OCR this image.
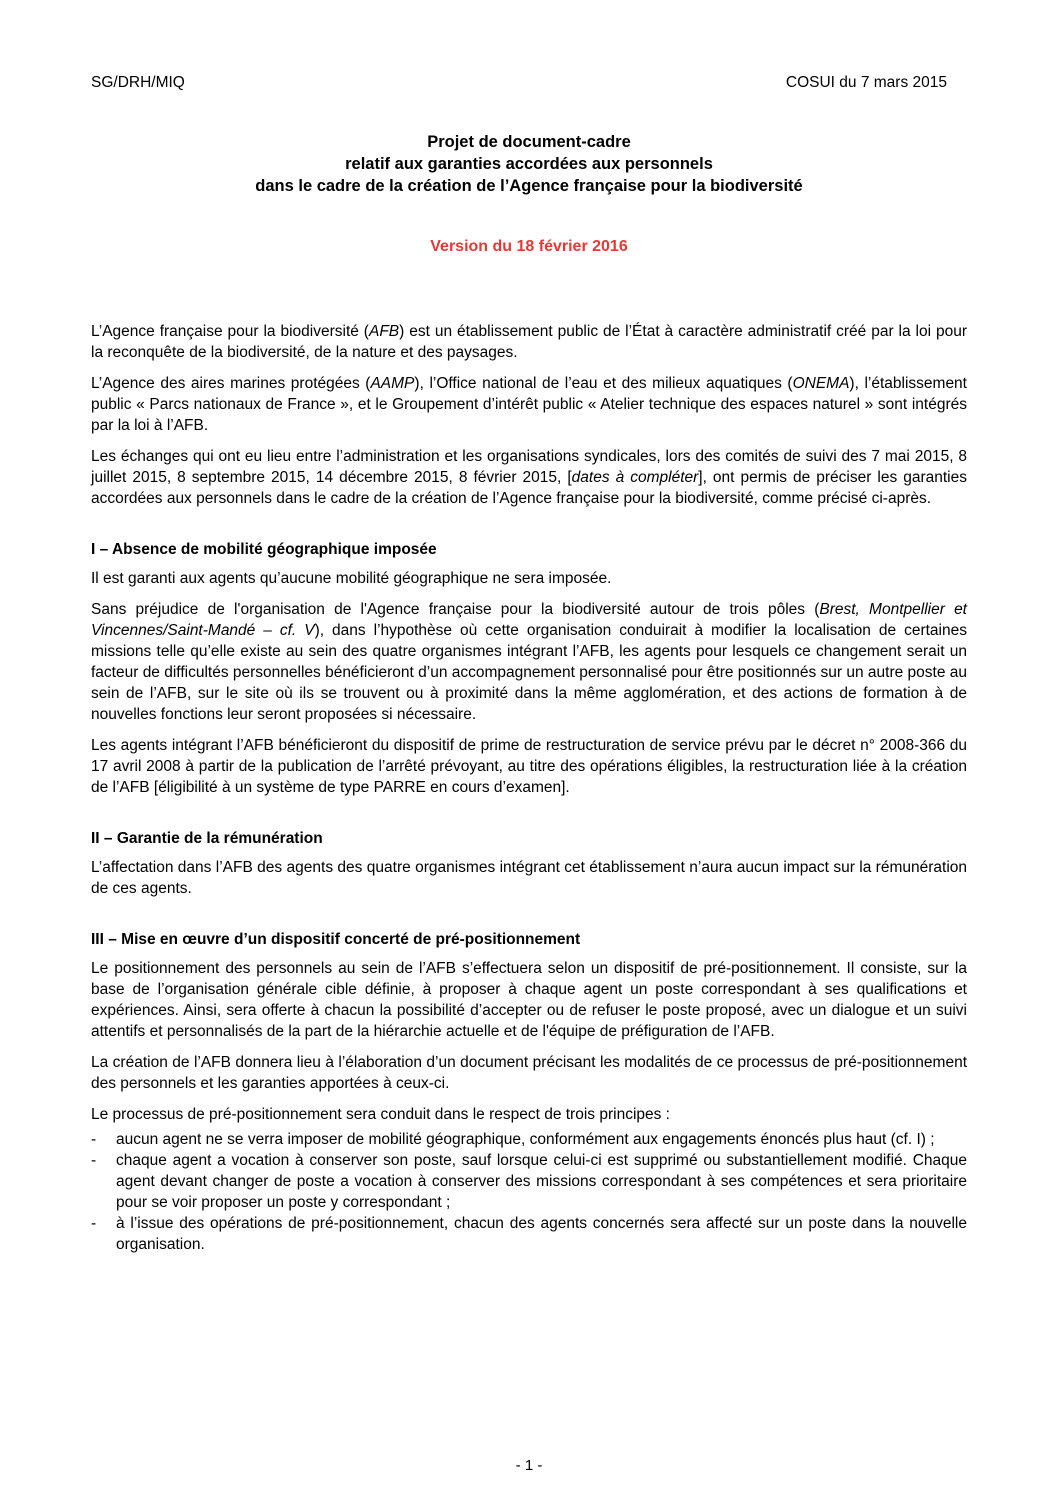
SG/DRH/MIQ	COSUI du 7 mars 2015
Projet de document-cadre
relatif aux garanties accordées aux personnels
dans le cadre de la création de l’Agence française pour la biodiversité
Version du 18 février 2016

L’Agence française pour la biodiversité (AFB) est un établissement public de l’État à caractère administratif créé par la loi pour la reconquête de la biodiversité, de la nature et des paysages.

L’Agence des aires marines protégées (AAMP), l’Office national de l’eau et des milieux aquatiques (ONEMA), l’établissement public « Parcs nationaux de France », et le Groupement d’intérêt public « Atelier technique des espaces naturel » sont intégrés par la loi à l’AFB.

Les échanges qui ont eu lieu entre l’administration et les organisations syndicales, lors des comités de suivi des 7 mai 2015, 8 juillet 2015, 8 septembre 2015, 14 décembre 2015, 8 février 2015, [dates à compléter], ont permis de préciser les garanties accordées aux personnels dans le cadre de la création de l’Agence française pour la biodiversité, comme précisé ci-après.

I – Absence de mobilité géographique imposée

Il est garanti aux agents qu’aucune mobilité géographique ne sera imposée.

Sans préjudice de l'organisation de l'Agence française pour la biodiversité autour de trois pôles (Brest, Montpellier et Vincennes/Saint-Mandé – cf. V), dans l’hypothèse où cette organisation conduirait à modifier la localisation de certaines missions telle qu’elle existe au sein des quatre organismes intégrant l’AFB, les agents pour lesquels ce changement serait un facteur de difficultés personnelles bénéficieront d’un accompagnement personnalisé pour être positionnés sur un autre poste au sein de l’AFB, sur le site où ils se trouvent ou à proximité dans la même agglomération, et des actions de formation à de nouvelles fonctions leur seront proposées si nécessaire.

Les agents intégrant l’AFB bénéficieront du dispositif de prime de restructuration de service prévu par le décret n° 2008-366 du 17 avril 2008 à partir de la publication de l’arrêté prévoyant, au titre des opérations éligibles, la restructuration liée à la création de l’AFB [éligibilité à un système de type PARRE en cours d’examen].

II – Garantie de la rémunération

L’affectation dans l’AFB des agents des quatre organismes intégrant cet établissement n’aura aucun impact sur la rémunération de ces agents.

III – Mise en œuvre d’un dispositif concerté de pré-positionnement

Le positionnement des personnels au sein de l’AFB s’effectuera selon un dispositif de pré-positionnement. Il consiste, sur la base de l’organisation générale cible définie, à proposer à chaque agent un poste correspondant à ses qualifications et expériences. Ainsi, sera offerte à chacun la possibilité d’accepter ou de refuser le poste proposé, avec un dialogue et un suivi attentifs et personnalisés de la part de la hiérarchie actuelle et de l'équipe de préfiguration de l’AFB.

La création de l’AFB donnera lieu à l’élaboration d’un document précisant les modalités de ce processus de pré-positionnement des personnels et les garanties apportées à ceux-ci.

Le processus de pré-positionnement sera conduit dans le respect de trois principes :

- aucun agent ne se verra imposer de mobilité géographique, conformément aux engagements énoncés plus haut (cf. I) ;
- chaque agent a vocation à conserver son poste, sauf lorsque celui-ci est supprimé ou substantiellement modifié. Chaque agent devant changer de poste a vocation à conserver des missions correspondant à ses compétences et sera prioritaire pour se voir proposer un poste y correspondant ;
- à l’issue des opérations de pré-positionnement, chacun des agents concernés sera affecté sur un poste dans la nouvelle organisation.
- 1 -
